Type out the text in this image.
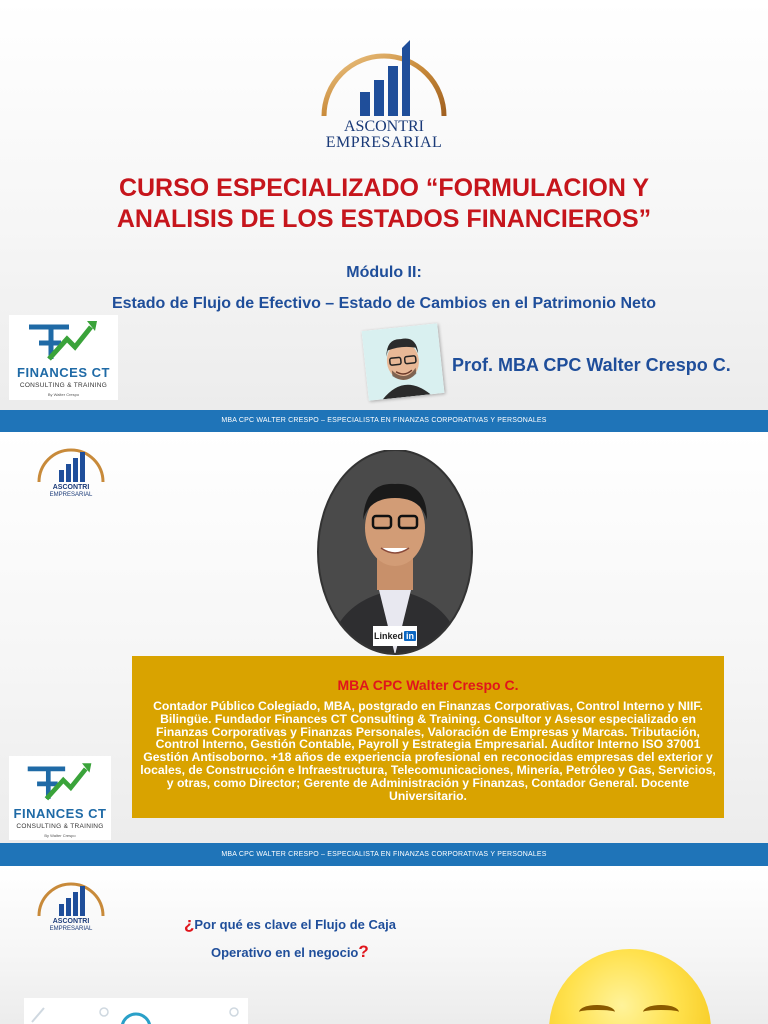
ASCONTRI
EMPRESARIAL
CURSO ESPECIALIZADO “FORMULACION Y ANALISIS DE LOS ESTADOS FINANCIEROS”
Módulo II:
Estado de Flujo de Efectivo – Estado de Cambios en el Patrimonio Neto
FINANCES CT
CONSULTING & TRAINING
By Walter Crespo
Prof. MBA CPC Walter Crespo C.
MBA CPC WALTER CRESPO – ESPECIALISTA EN FINANZAS CORPORATIVAS Y PERSONALES
ASCONTRI
EMPRESARIAL
Linked in
MBA CPC Walter Crespo C.
Contador Público Colegiado, MBA, postgrado en Finanzas Corporativas, Control Interno y NIIF. Bilingüe. Fundador Finances CT Consulting & Training. Consultor y Asesor especializado en Finanzas Corporativas y Finanzas Personales, Valoración de Empresas y Marcas. Tributación, Control Interno, Gestión Contable, Payroll y Estrategia Empresarial. Auditor Interno ISO 37001 Gestión Antisoborno. +18 años de experiencia profesional en reconocidas empresas del exterior y locales, de Construcción e Infraestructura, Telecomunicaciones, Minería, Petróleo y Gas, Servicios, y otras, como Director; Gerente de Administración y Finanzas, Contador General. Docente Universitario.
FINANCES CT
CONSULTING & TRAINING
By Walter Crespo
MBA CPC WALTER CRESPO – ESPECIALISTA EN FINANZAS CORPORATIVAS Y PERSONALES
ASCONTRI
EMPRESARIAL	¿Por qué es clave el Flujo de Caja
Operativo en el negocio?
